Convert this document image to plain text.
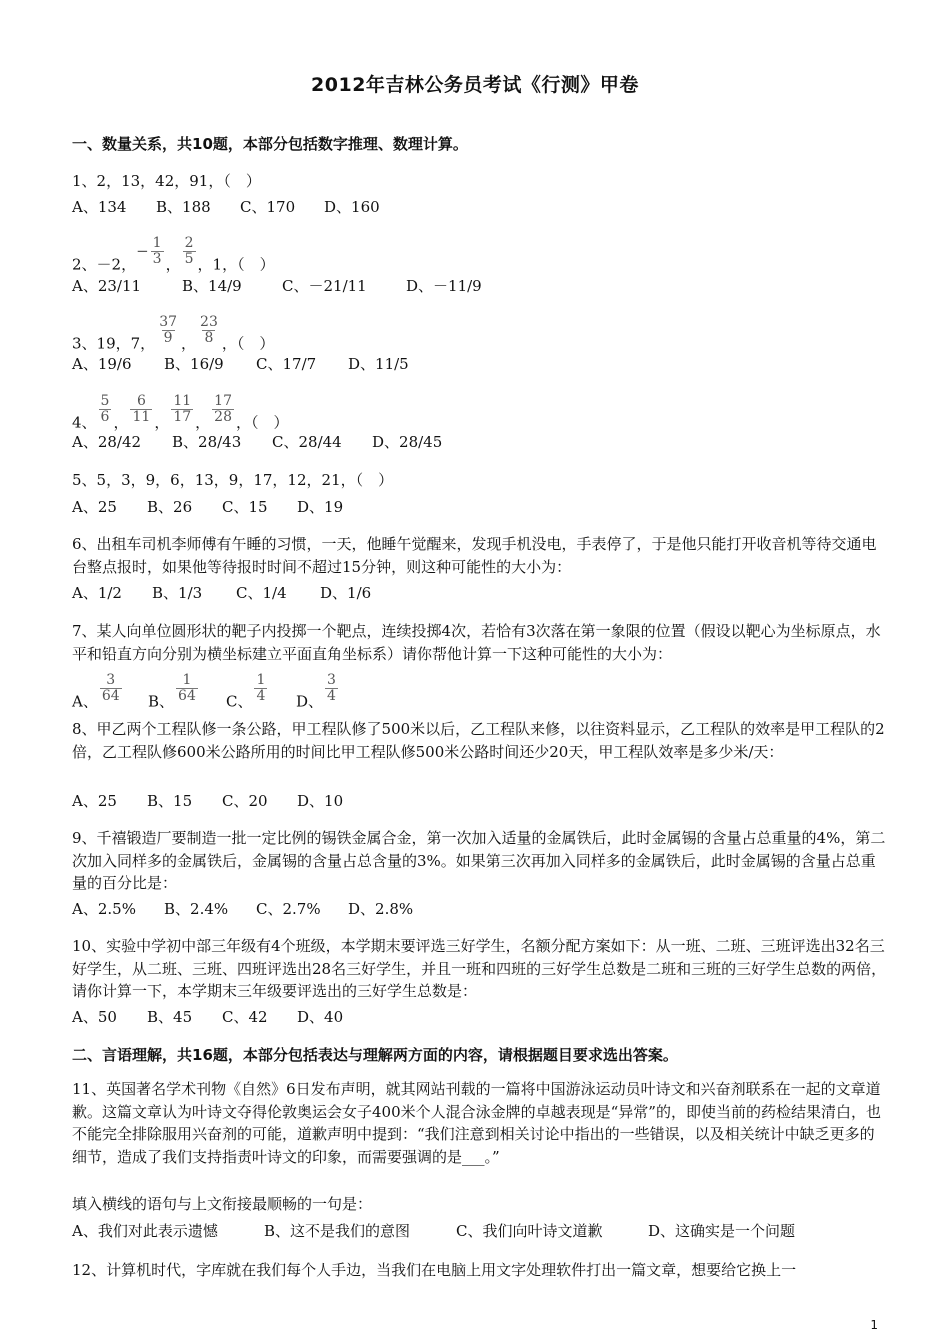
2012年吉林公务员考试《行测》甲卷
一、数量关系，共10题，本部分包括数字推理、数理计算。
1、2，13，42，91，（　）
A、134 B、188 C、170 D、160
2、－2，− $\frac{1}{3}$ ， $\frac{2}{5}$ ，1，（　）
A、23/11	B、14/9	C、－21/11	D、－11/9
3、19，7， $\frac{37}{9}$ ， $\frac{23}{8}$ ，（　）
A、19/6 B、16/9 C、17/7 D、11/5
4、 $\frac{5}{6}$ ， $\frac{6}{11}$ ， $\frac{11}{17}$ ， $\frac{17}{28}$ ，（　）
A、28/42 B、28/43 C、28/44 D、28/45
5、5，3，9，6，13，9，17，12，21，（　）
A、25 B、26 C、15 D、19
6、出租车司机李师傅有午睡的习惯，一天，他睡午觉醒来，发现手机没电，手表停了，于是他只能打开收音机等待交通电台整点报时，如果他等待报时时间不超过15分钟，则这种可能性的大小为：
A、1/2 B、1/3 C、1/4 D、1/6
7、某人向单位圆形状的靶子内投掷一个靶点，连续投掷4次，若恰有3次落在第一象限的位置（假设以靶心为坐标原点，水平和铅直方向分别为横坐标建立平面直角坐标系）请你帮他计算一下这种可能性的大小为：
A、 $\frac{3}{64}$ B、 $\frac{1}{64}$ C、 $\frac{1}{4}$ D、 $\frac{3}{4}$
8、甲乙两个工程队修一条公路，甲工程队修了500米以后，乙工程队来修，以往资料显示，乙工程队的效率是甲工程队的2倍，乙工程队修600米公路所用的时间比甲工程队修500米公路时间还少20天，甲工程队效率是多少米/天：
A、25 B、15 C、20 D、10
9、千禧锻造厂要制造一批一定比例的锡铁金属合金，第一次加入适量的金属铁后，此时金属锡的含量占总重量的4%，第二次加入同样多的金属铁后，金属锡的含量占总含量的3%。如果第三次再加入同样多的金属铁后，此时金属锡的含量占总重量的百分比是：
A、2.5% B、2.4% C、2.7% D、2.8%
10、实验中学初中部三年级有4个班级，本学期末要评选三好学生，名额分配方案如下：从一班、二班、三班评选出32名三好学生，从二班、三班、四班评选出28名三好学生，并且一班和四班的三好学生总数是二班和三班的三好学生总数的两倍，请你计算一下，本学期末三年级要评选出的三好学生总数是：
A、50 B、45 C、42 D、40
二、言语理解，共16题，本部分包括表达与理解两方面的内容，请根据题目要求选出答案。
11、英国著名学术刊物《自然》6日发布声明，就其网站刊载的一篇将中国游泳运动员叶诗文和兴奋剂联系在一起的文章道歉。这篇文章认为叶诗文夺得伦敦奥运会女子400米个人混合泳金牌的卓越表现是“异常”的，即使当前的药检结果清白，也不能完全排除服用兴奋剂的可能，道歉声明中提到：“我们注意到相关讨论中指出的一些错误，以及相关统计中缺乏更多的细节，造成了我们支持指责叶诗文的印象，而需要强调的是___。”
填入横线的语句与上文衔接最顺畅的一句是：
A、我们对此表示遗憾	B、这不是我们的意图	C、我们向叶诗文道歉	D、这确实是一个问题
12、计算机时代，字库就在我们每个人手边，当我们在电脑上用文字处理软件打出一篇文章，想要给它换上一
1
